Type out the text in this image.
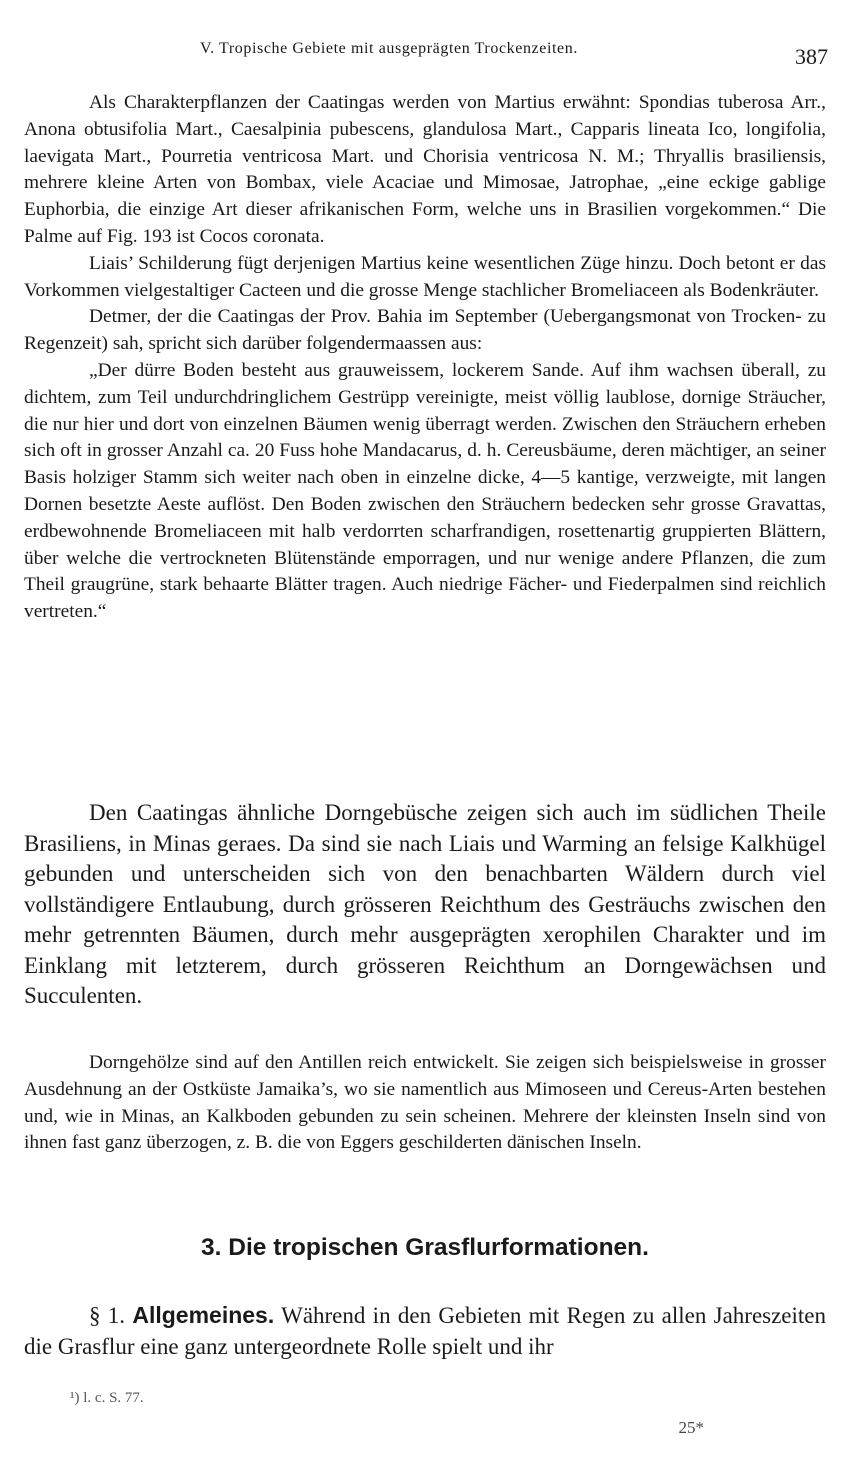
V. Tropische Gebiete mit ausgeprägten Trockenzeiten.	387

Als Charakterpflanzen der Caatingas werden von Martius erwähnt: Spondias tuberosa Arr., Anona obtusifolia Mart., Caesalpinia pubescens, glandulosa Mart., Capparis lineata Ico, longifolia, laevigata Mart., Pourretia ventricosa Mart. und Chorisia ventricosa N. M.; Thryallis brasiliensis, mehrere kleine Arten von Bombax, viele Acaciae und Mimosae, Jatrophae, „eine eckige gablige Euphorbia, die einzige Art dieser afrikanischen Form, welche uns in Brasilien vorgekommen.“ Die Palme auf Fig. 193 ist Cocos coronata.

Liais’ Schilderung fügt derjenigen Martius keine wesentlichen Züge hinzu. Doch betont er das Vorkommen vielgestaltiger Cacteen und die grosse Menge stachlicher Bromeliaceen als Bodenkräuter.

Detmer, der die Caatingas der Prov. Bahia im September (Uebergangsmonat von Trocken- zu Regenzeit) sah, spricht sich darüber folgendermaassen aus:

„Der dürre Boden besteht aus grauweissem, lockerem Sande. Auf ihm wachsen überall, zu dichtem, zum Teil undurchdringlichem Gestrüpp vereinigte, meist völlig laublose, dornige Sträucher, die nur hier und dort von einzelnen Bäumen wenig überragt werden. Zwischen den Sträuchern erheben sich oft in grosser Anzahl ca. 20 Fuss hohe Mandacarus, d. h. Cereusbäume, deren mächtiger, an seiner Basis holziger Stamm sich weiter nach oben in einzelne dicke, 4—5 kantige, verzweigte, mit langen Dornen besetzte Aeste auflöst. Den Boden zwischen den Sträuchern bedecken sehr grosse Gravattas, erdbewohnende Bromeliaceen mit halb verdorrten scharfrandigen, rosettenartig gruppierten Blättern, über welche die vertrockneten Blütenstände emporragen, und nur wenige andere Pflanzen, die zum Theil graugrüne, stark behaarte Blätter tragen. Auch niedrige Fächer- und Fiederpalmen sind reichlich vertreten.“

Den Caatingas ähnliche Dorngebüsche zeigen sich auch im südlichen Theile Brasiliens, in Minas geraes. Da sind sie nach Liais und Warming an felsige Kalkhügel gebunden und unterscheiden sich von den benachbarten Wäldern durch viel vollständigere Entlaubung, durch grösseren Reichthum des Gesträuchs zwischen den mehr getrennten Bäumen, durch mehr ausgeprägten xerophilen Charakter und im Einklang mit letzterem, durch grösseren Reichthum an Dorngewächsen und Succulenten.

Dorngehölze sind auf den Antillen reich entwickelt. Sie zeigen sich beispielsweise in grosser Ausdehnung an der Ostküste Jamaika’s, wo sie namentlich aus Mimoseen und Cereus-Arten bestehen und, wie in Minas, an Kalkboden gebunden zu sein scheinen. Mehrere der kleinsten Inseln sind von ihnen fast ganz überzogen, z. B. die von Eggers geschilderten dänischen Inseln.

3. Die tropischen Grasflurformationen.

§ 1. Allgemeines. Während in den Gebieten mit Regen zu allen Jahreszeiten die Grasflur eine ganz untergeordnete Rolle spielt und ihr

¹) l. c. S. 77.
25*
